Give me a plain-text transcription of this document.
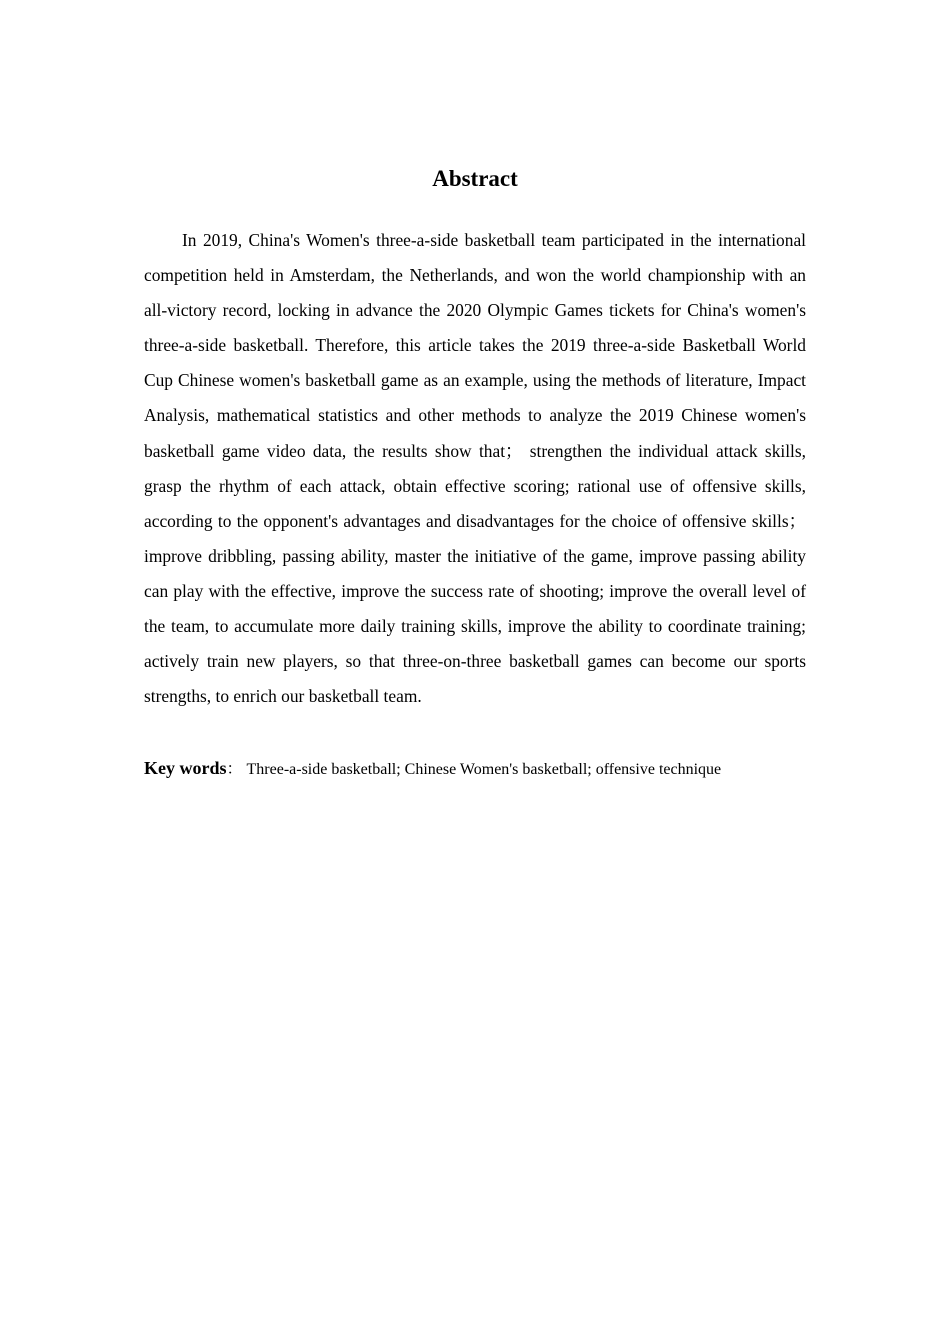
Abstract

In 2019, China's Women's three-a-side basketball team participated in the international competition held in Amsterdam, the Netherlands, and won the world championship with an all-victory record, locking in advance the 2020 Olympic Games tickets for China's women's three-a-side basketball. Therefore, this article takes the 2019 three-a-side Basketball World Cup Chinese women's basketball game as an example, using the methods of literature, Impact Analysis, mathematical statistics and other methods to analyze the 2019 Chinese women's basketball game video data, the results show that； strengthen the individual attack skills, grasp the rhythm of each attack, obtain effective scoring; rational use of offensive skills, according to the opponent's advantages and disadvantages for the choice of offensive skills； improve dribbling, passing ability, master the initiative of the game, improve passing ability can play with the effective, improve the success rate of shooting; improve the overall level of the team, to accumulate more daily training skills, improve the ability to coordinate training; actively train new players, so that three-on-three basketball games can become our sports strengths, to enrich our basketball team.

Key words： Three-a-side basketball; Chinese Women's basketball; offensive technique
